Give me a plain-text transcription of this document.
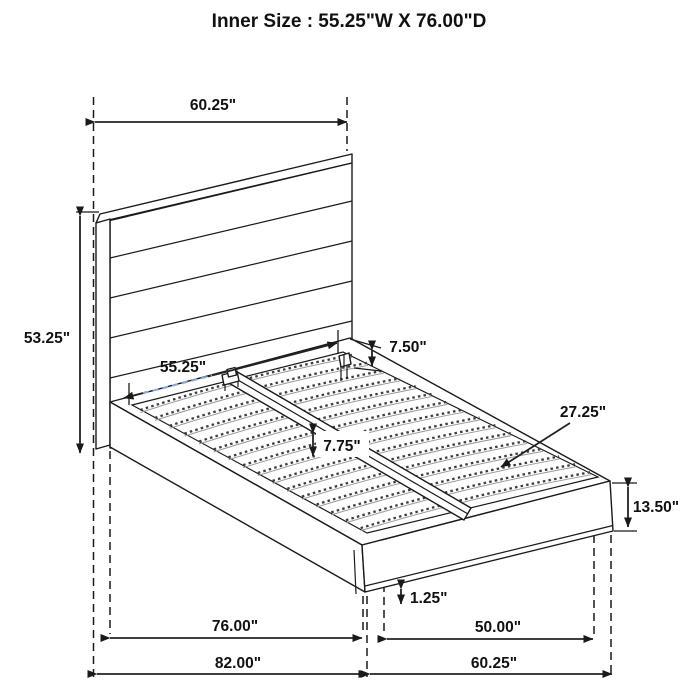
Inner Size : 55.25"W X 76.00"D
60.25"
53.25"
55.25"
7.50"
7.75"
27.25"
13.50"
1.25"
76.00"	50.00"
82.00"	60.25"
